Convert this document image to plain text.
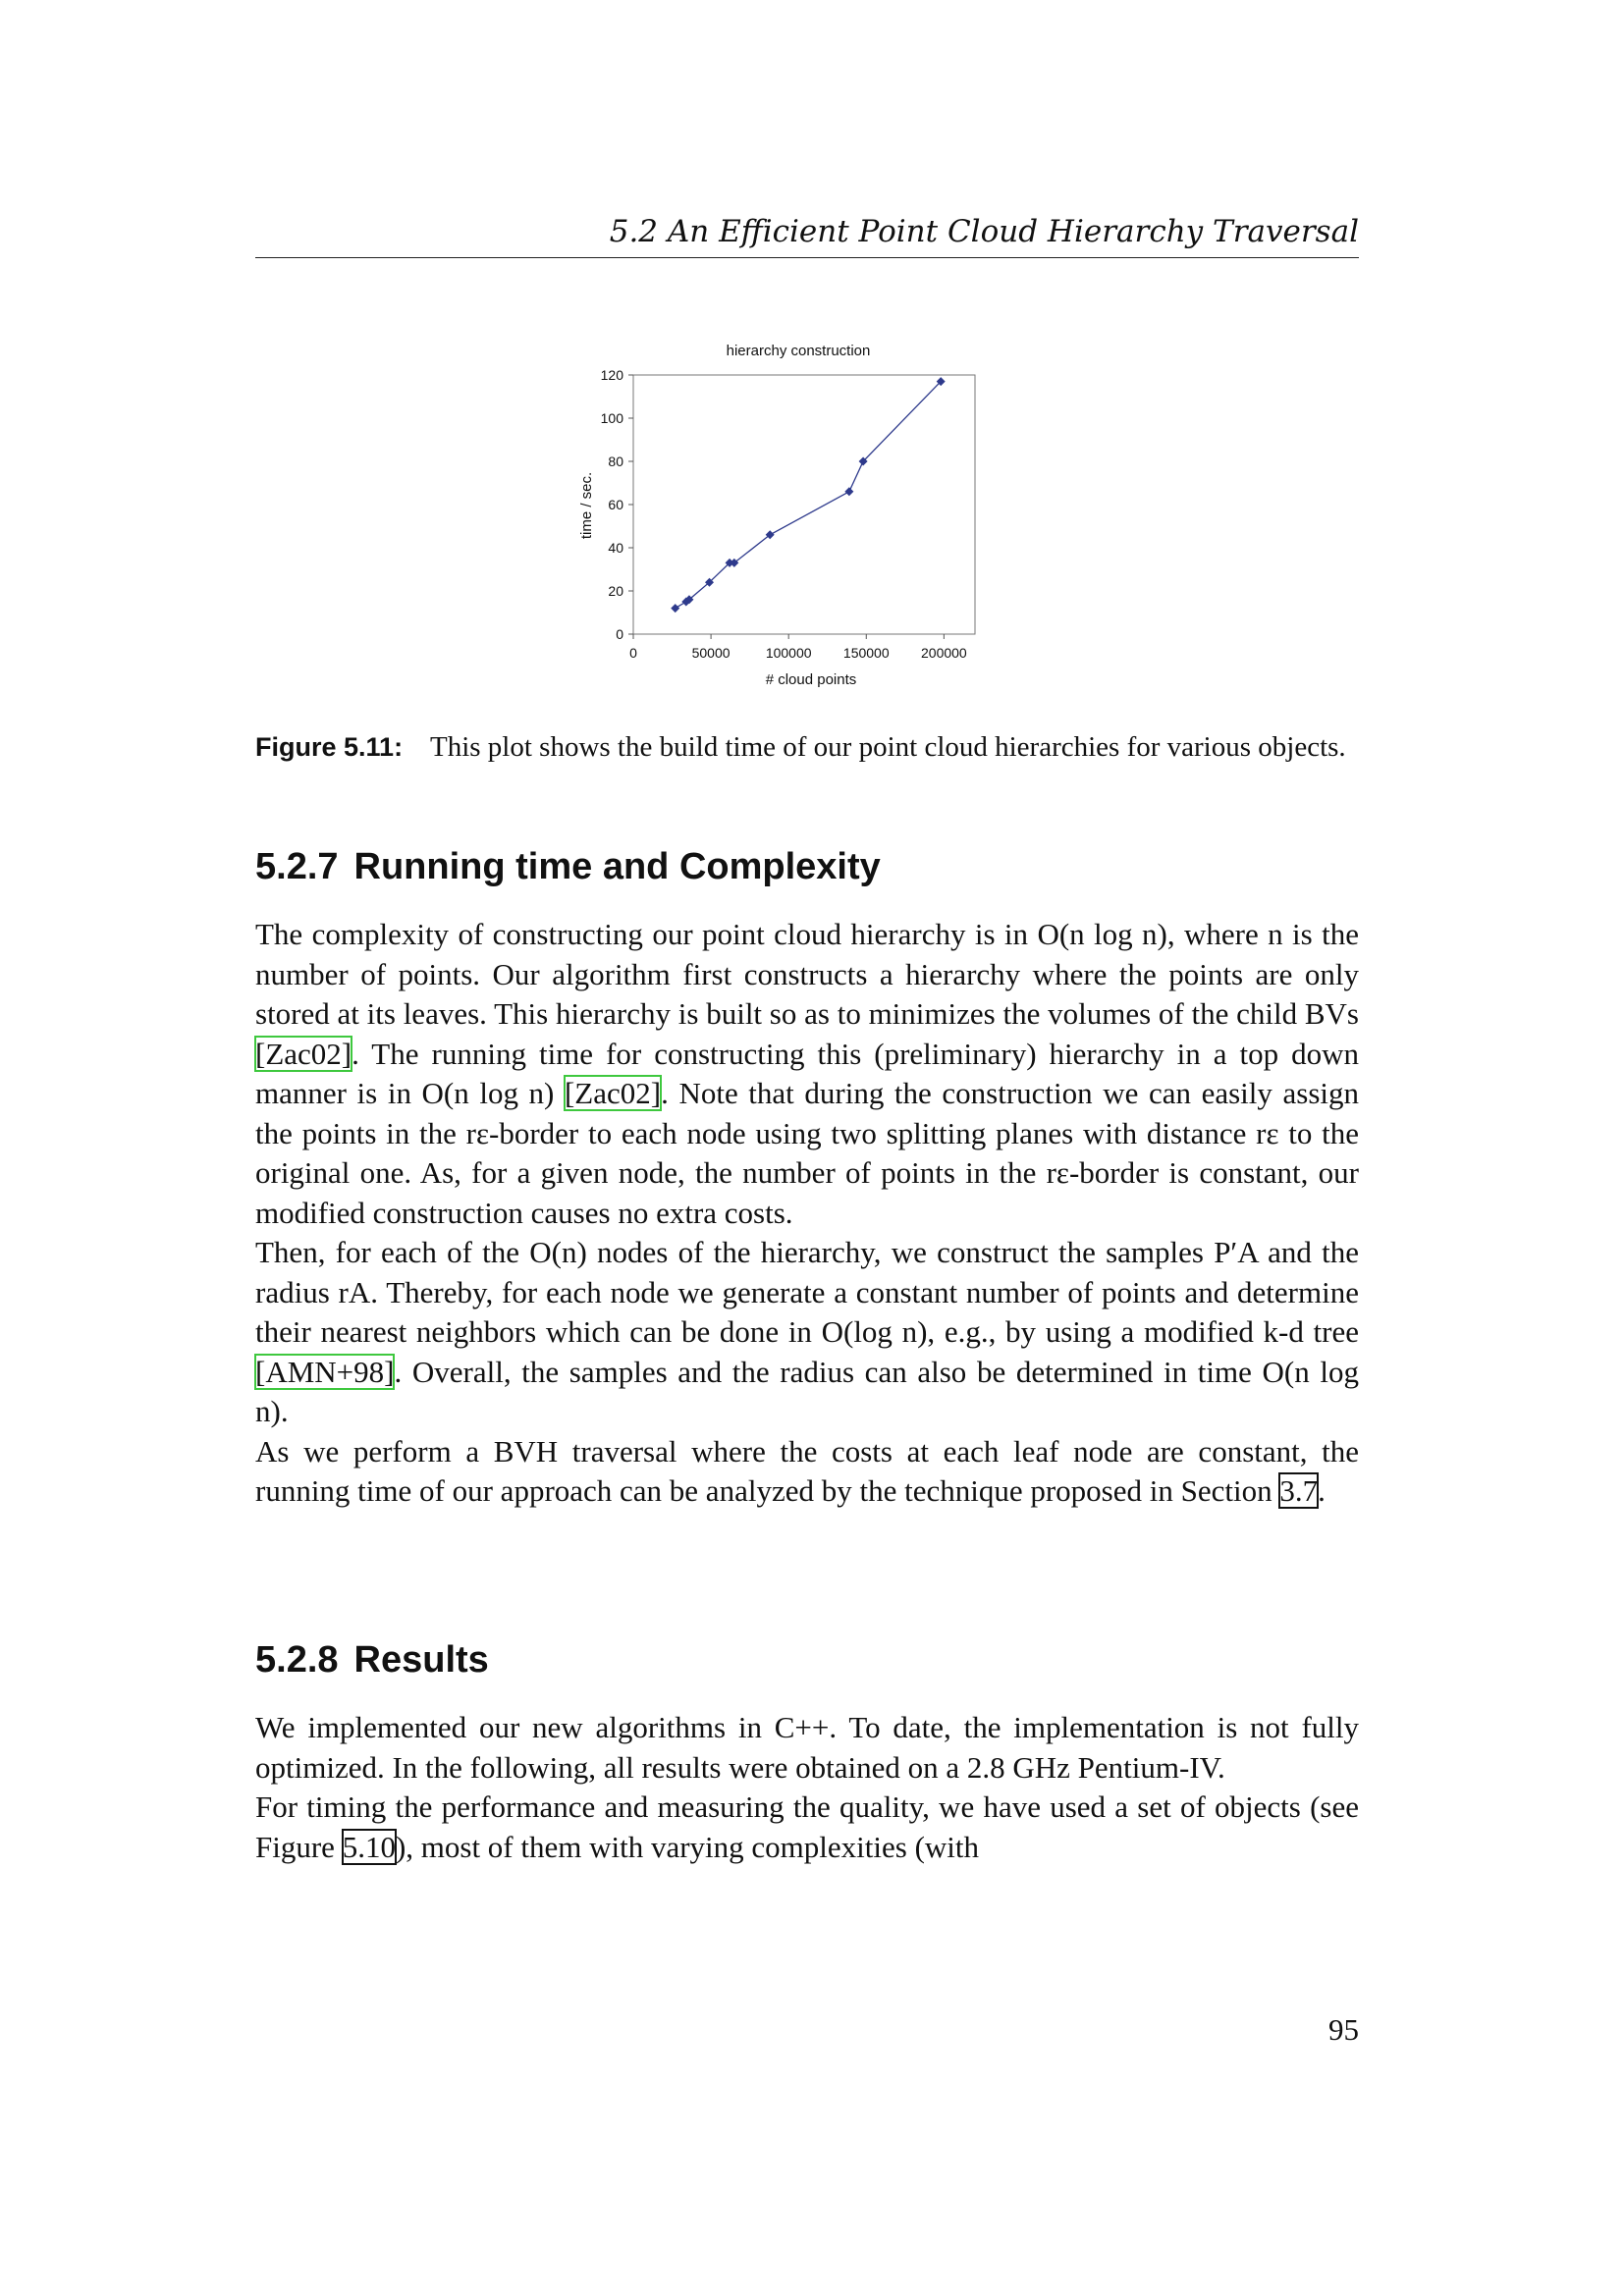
5.2 An Efficient Point Cloud Hierarchy Traversal
hierarchy construction
time / sec.
# cloud points
0
20
40
60
80
100
120
0	50000	100000 150000 200000
Figure 5.11: This plot shows the build time of our point cloud hierarchies for various objects.
5.2.7 Running time and Complexity

The complexity of constructing our point cloud hierarchy is in O(n log n), where n is the number of points. Our algorithm first constructs a hierarchy where the points are only stored at its leaves. This hierarchy is built so as to minimizes the volumes of the child BVs [Zac02]. The running time for constructing this (preliminary) hierarchy in a top down manner is in O(n log n) [Zac02]. Note that during the construction we can easily assign the points in the rε-border to each node using two splitting planes with distance rε to the original one. As, for a given node, the number of points in the rε-border is constant, our modified construction causes no extra costs.

Then, for each of the O(n) nodes of the hierarchy, we construct the samples P′A and the radius rA. Thereby, for each node we generate a constant number of points and determine their nearest neighbors which can be done in O(log n), e.g., by using a modified k-d tree [AMN+98]. Overall, the samples and the radius can also be determined in time O(n log n).

As we perform a BVH traversal where the costs at each leaf node are constant, the running time of our approach can be analyzed by the technique proposed in Section 3.7.

5.2.8 Results

We implemented our new algorithms in C++. To date, the implementation is not fully optimized. In the following, all results were obtained on a 2.8 GHz Pentium-IV.

For timing the performance and measuring the quality, we have used a set of objects (see Figure 5.10), most of them with varying complexities (with

95
